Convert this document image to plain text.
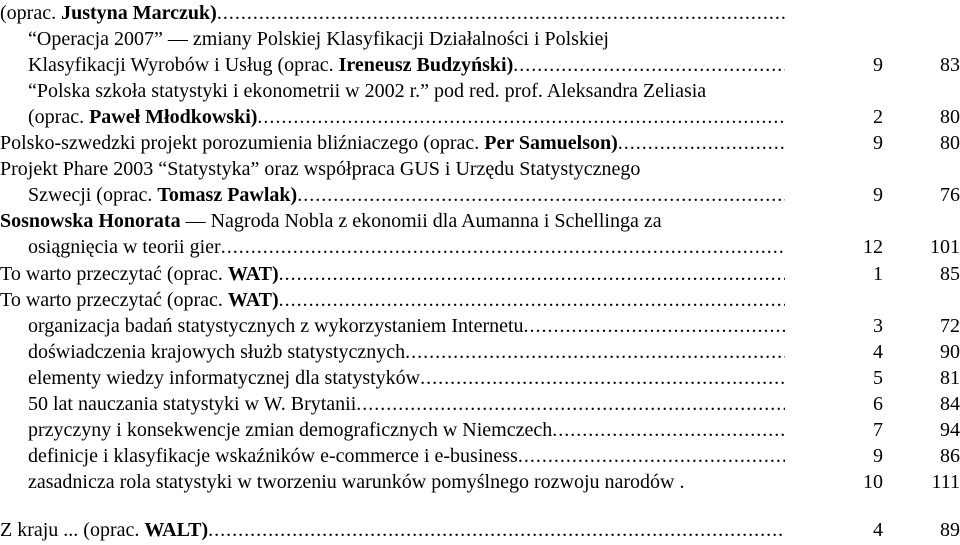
(oprac. Justyna Marczuk) .....
“Operacja 2007” — zmiany Polskiej Klasyfikacji Działalności i Polskiej
Klasyfikacji Wyrobów i Usług (oprac. Ireneusz Budzyński) .....	9	83
“Polska szkoła statystyki i ekonometrii w 2002 r.” pod red. prof. Aleksandra Zeliasia
(oprac. Paweł Młodkowski) .....	2	80
Polsko-szwedzki projekt porozumienia bliźniaczego (oprac. Per Samuelson) .....	9	80
Projekt Phare 2003 “Statystyka” oraz współpraca GUS i Urzędu Statystycznego
Szwecji (oprac. Tomasz Pawlak) .....	9	76
Sosnowska Honorata — Nagroda Nobla z ekonomii dla Aumanna i Schellinga za
osiągnięcia w teorii gier .....	12	101
To warto przeczytać (oprac. WAT) .....	1	85
To warto przeczytać (oprac. WAT) .....
organizacja badań statystycznych z wykorzystaniem Internetu .....	3	72
doświadczenia krajowych służb statystycznych .....	4	90
elementy wiedzy informatycznej dla statystyków .....	5	81
50 lat nauczania statystyki w W. Brytanii .....	6	84
przyczyny i konsekwencje zmian demograficznych w Niemczech .....	7	94
definicje i klasyfikacje wskaźników e-commerce i e-business .....	9	86
zasadnicza rola statystyki w tworzeniu warunków pomyślnego rozwoju narodów .	10	111
Z kraju ... (oprac. WALT) .....	4	89
